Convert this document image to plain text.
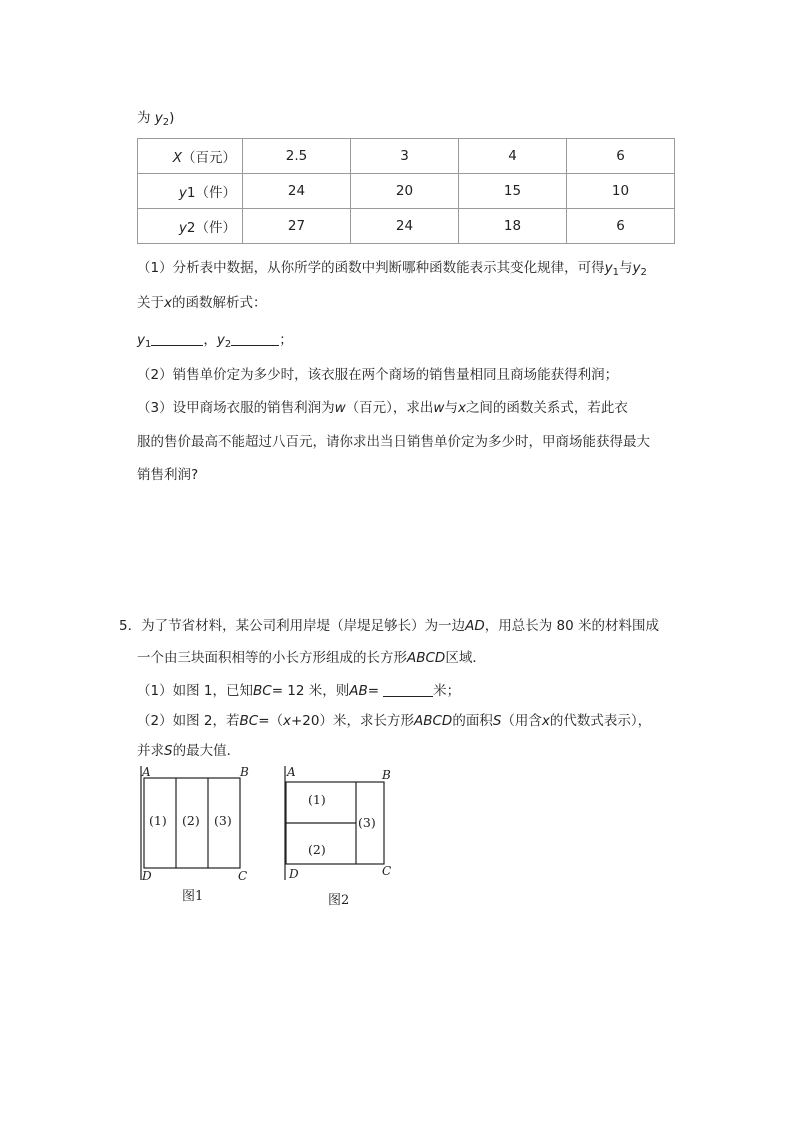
为 $y_2$)
X（百元）	2.5	3	4	6
y1（件）	24	20	15	10
y2（件）	27	24	18	6
（1）分析表中数据，从你所学的函数中判断哪种函数能表示其变化规律，可得$y_1$与$y_2$
关于x的函数解析式：
$y_1$	，$y_2$	；
（2）销售单价定为多少时，该衣服在两个商场的销售量相同且商场能获得利润；
（3）设甲商场衣服的销售利润为w（百元），求出w与x之间的函数关系式，若此衣
服的售价最高不能超过八百元，请你求出当日销售单价定为多少时，甲商场能获得最大
销售利润?
5．为了节省材料，某公司利用岸堤（岸堤足够长）为一边AD，用总长为 80 米的材料围成
一个由三块面积相等的小长方形组成的长方形ABCD区域．
（1）如图 1，已知BC= 12 米，则AB=	米；
（2）如图 2，若BC=（x+20）米，求长方形ABCD的面积S（用含x的代数式表示），
并求S的最大值．
A	B
C
D
(1) (2) (3)
图1
A	B
C
D
(1)
(2)
(3)
图2
